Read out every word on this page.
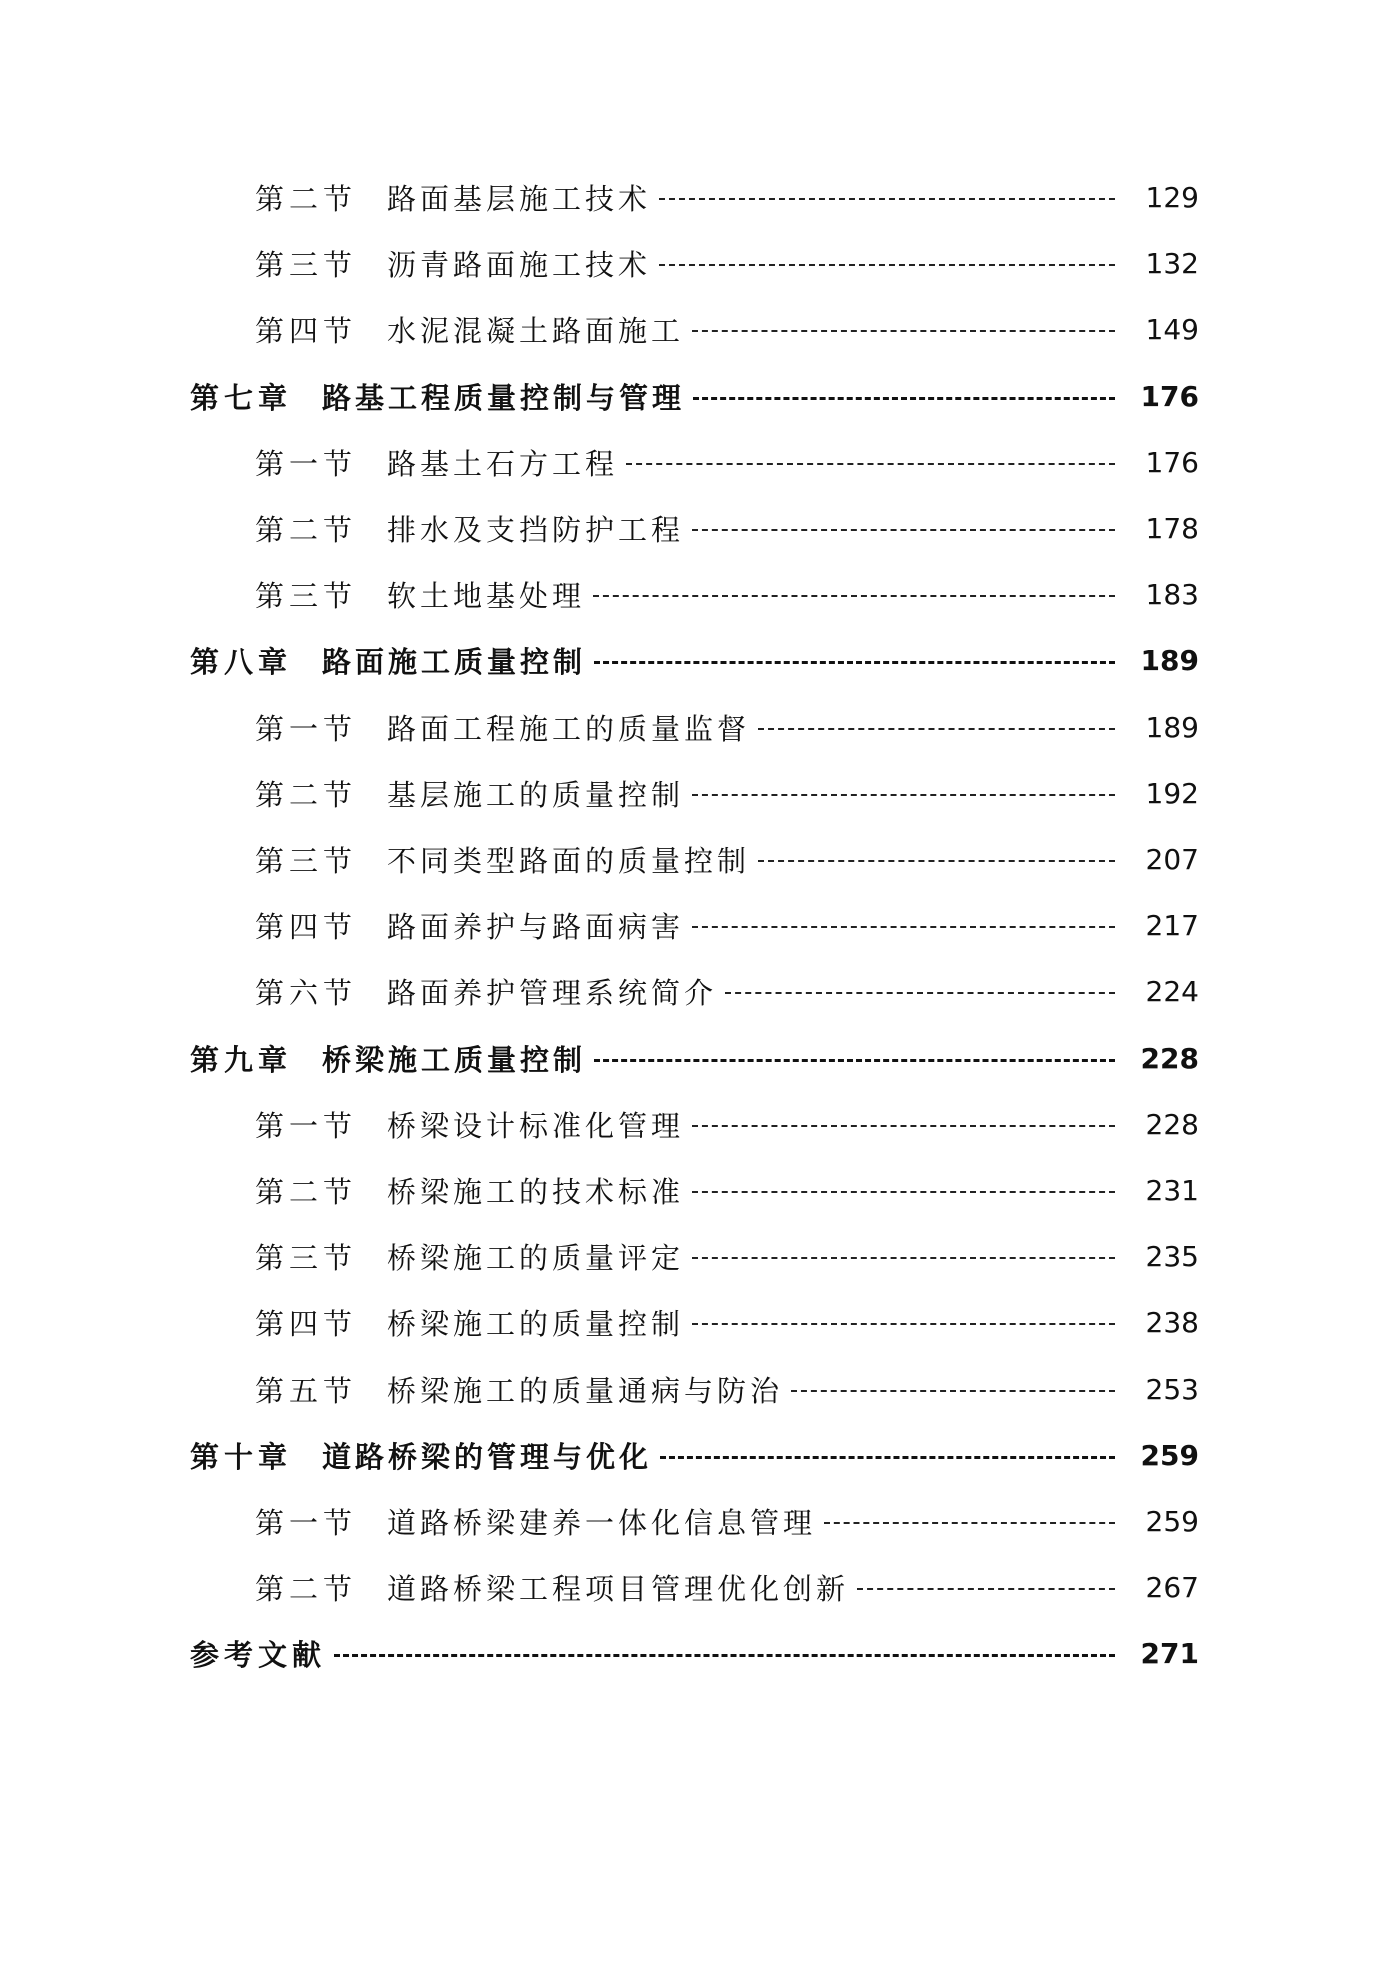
第二节 路面基层施工技术	129
第三节 沥青路面施工技术	132
第四节 水泥混凝土路面施工	149
第七章 路基工程质量控制与管理	176
第一节 路基土石方工程	176
第二节 排水及支挡防护工程	178
第三节 软土地基处理	183
第八章 路面施工质量控制	189
第一节 路面工程施工的质量监督	189
第二节 基层施工的质量控制	192
第三节 不同类型路面的质量控制	207
第四节 路面养护与路面病害	217
第六节 路面养护管理系统简介	224
第九章 桥梁施工质量控制	228
第一节 桥梁设计标准化管理	228
第二节 桥梁施工的技术标准	231
第三节 桥梁施工的质量评定	235
第四节 桥梁施工的质量控制	238
第五节 桥梁施工的质量通病与防治	253
第十章 道路桥梁的管理与优化	259
第一节 道路桥梁建养一体化信息管理	259
第二节 道路桥梁工程项目管理优化创新	267
参考文献	271
